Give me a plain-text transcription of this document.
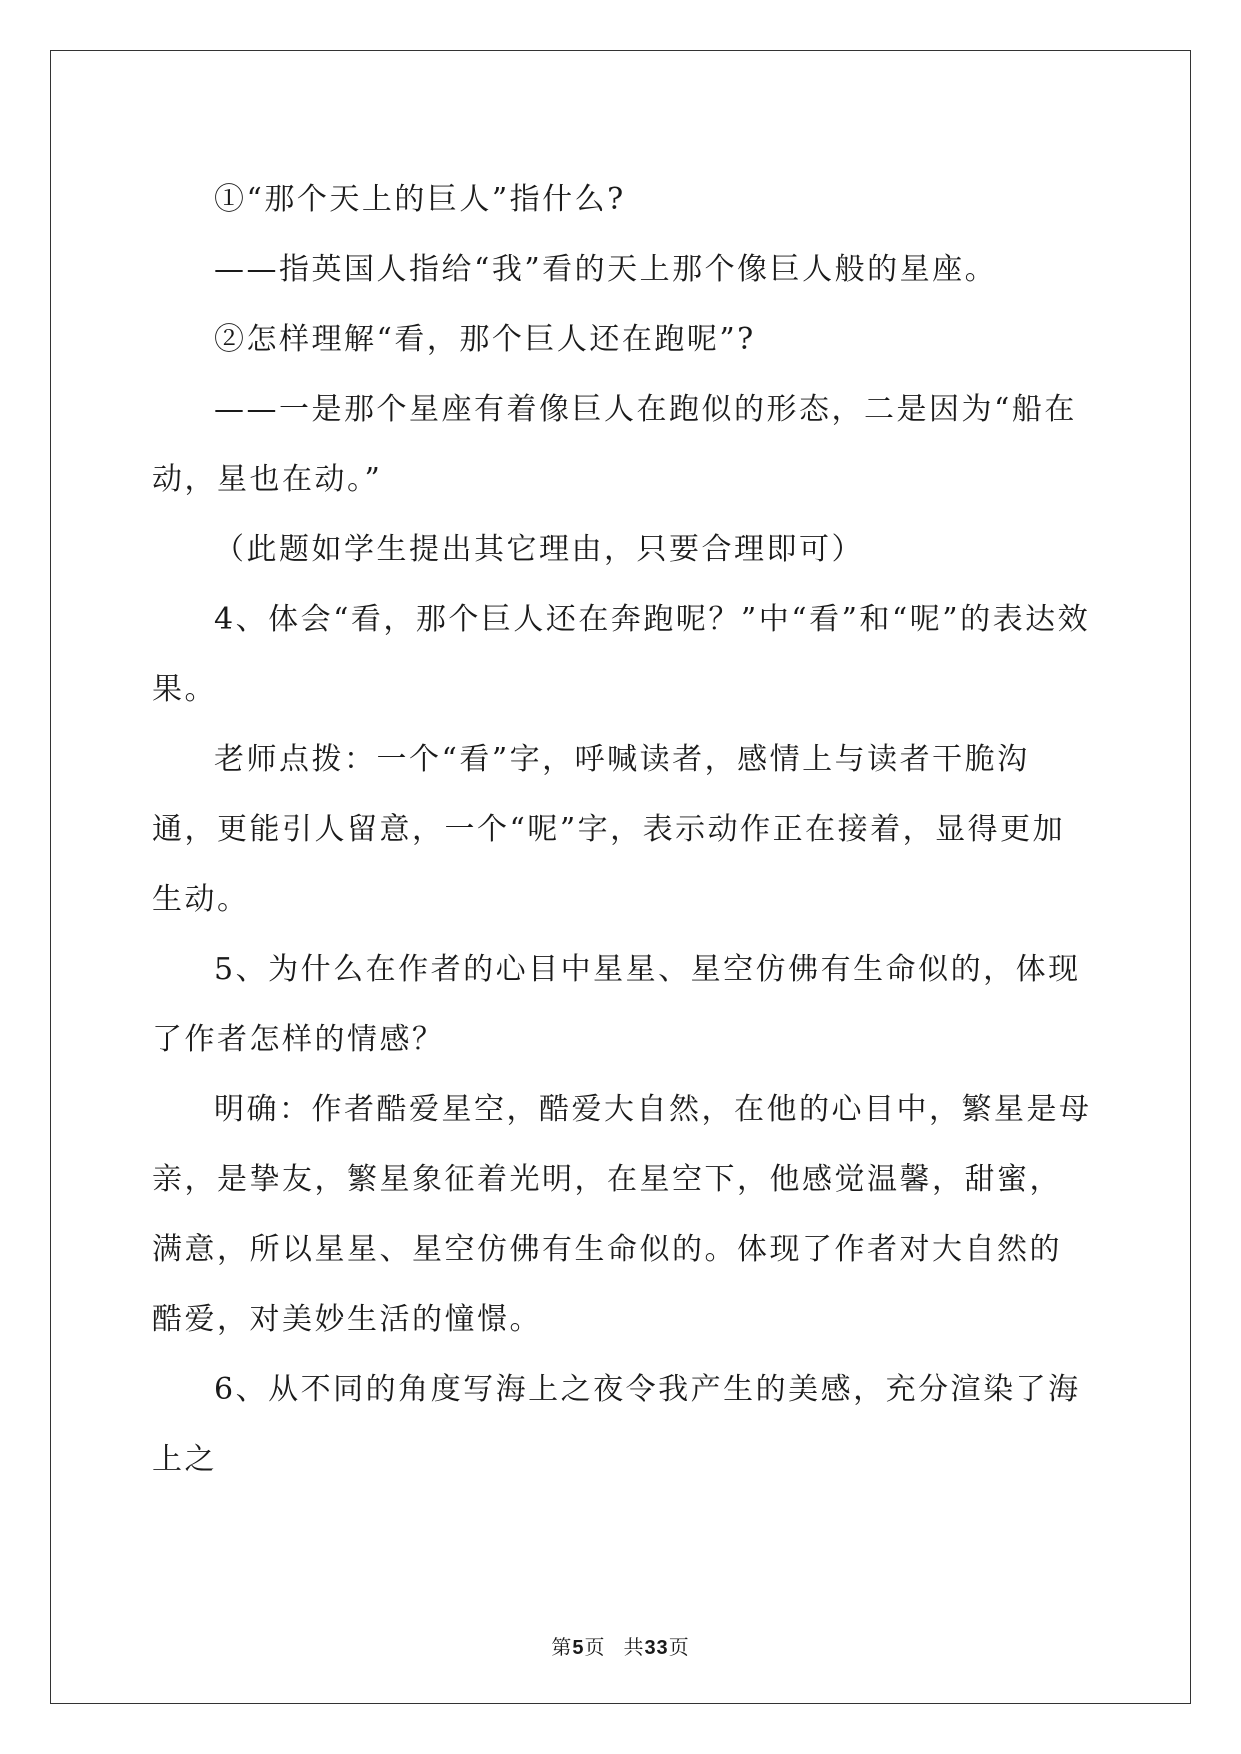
①“那个天上的巨人”指什么?

——指英国人指给“我”看的天上那个像巨人般的星座。

②怎样理解“看，那个巨人还在跑呢”?

——一是那个星座有着像巨人在跑似的形态，二是因为“船在动，星也在动。”

（此题如学生提出其它理由，只要合理即可）

4、体会“看，那个巨人还在奔跑呢？”中“看”和“呢”的表达效果。

老师点拨：一个“看”字，呼喊读者，感情上与读者干脆沟通，更能引人留意，一个“呢”字，表示动作正在接着，显得更加生动。

5、为什么在作者的心目中星星、星空仿佛有生命似的，体现了作者怎样的情感？

明确：作者酷爱星空，酷爱大自然，在他的心目中，繁星是母亲，是挚友，繁星象征着光明，在星空下，他感觉温馨，甜蜜，满意，所以星星、星空仿佛有生命似的。体现了作者对大自然的酷爱，对美妙生活的憧憬。

6、从不同的角度写海上之夜令我产生的美感，充分渲染了海上之

第5页 共33页
